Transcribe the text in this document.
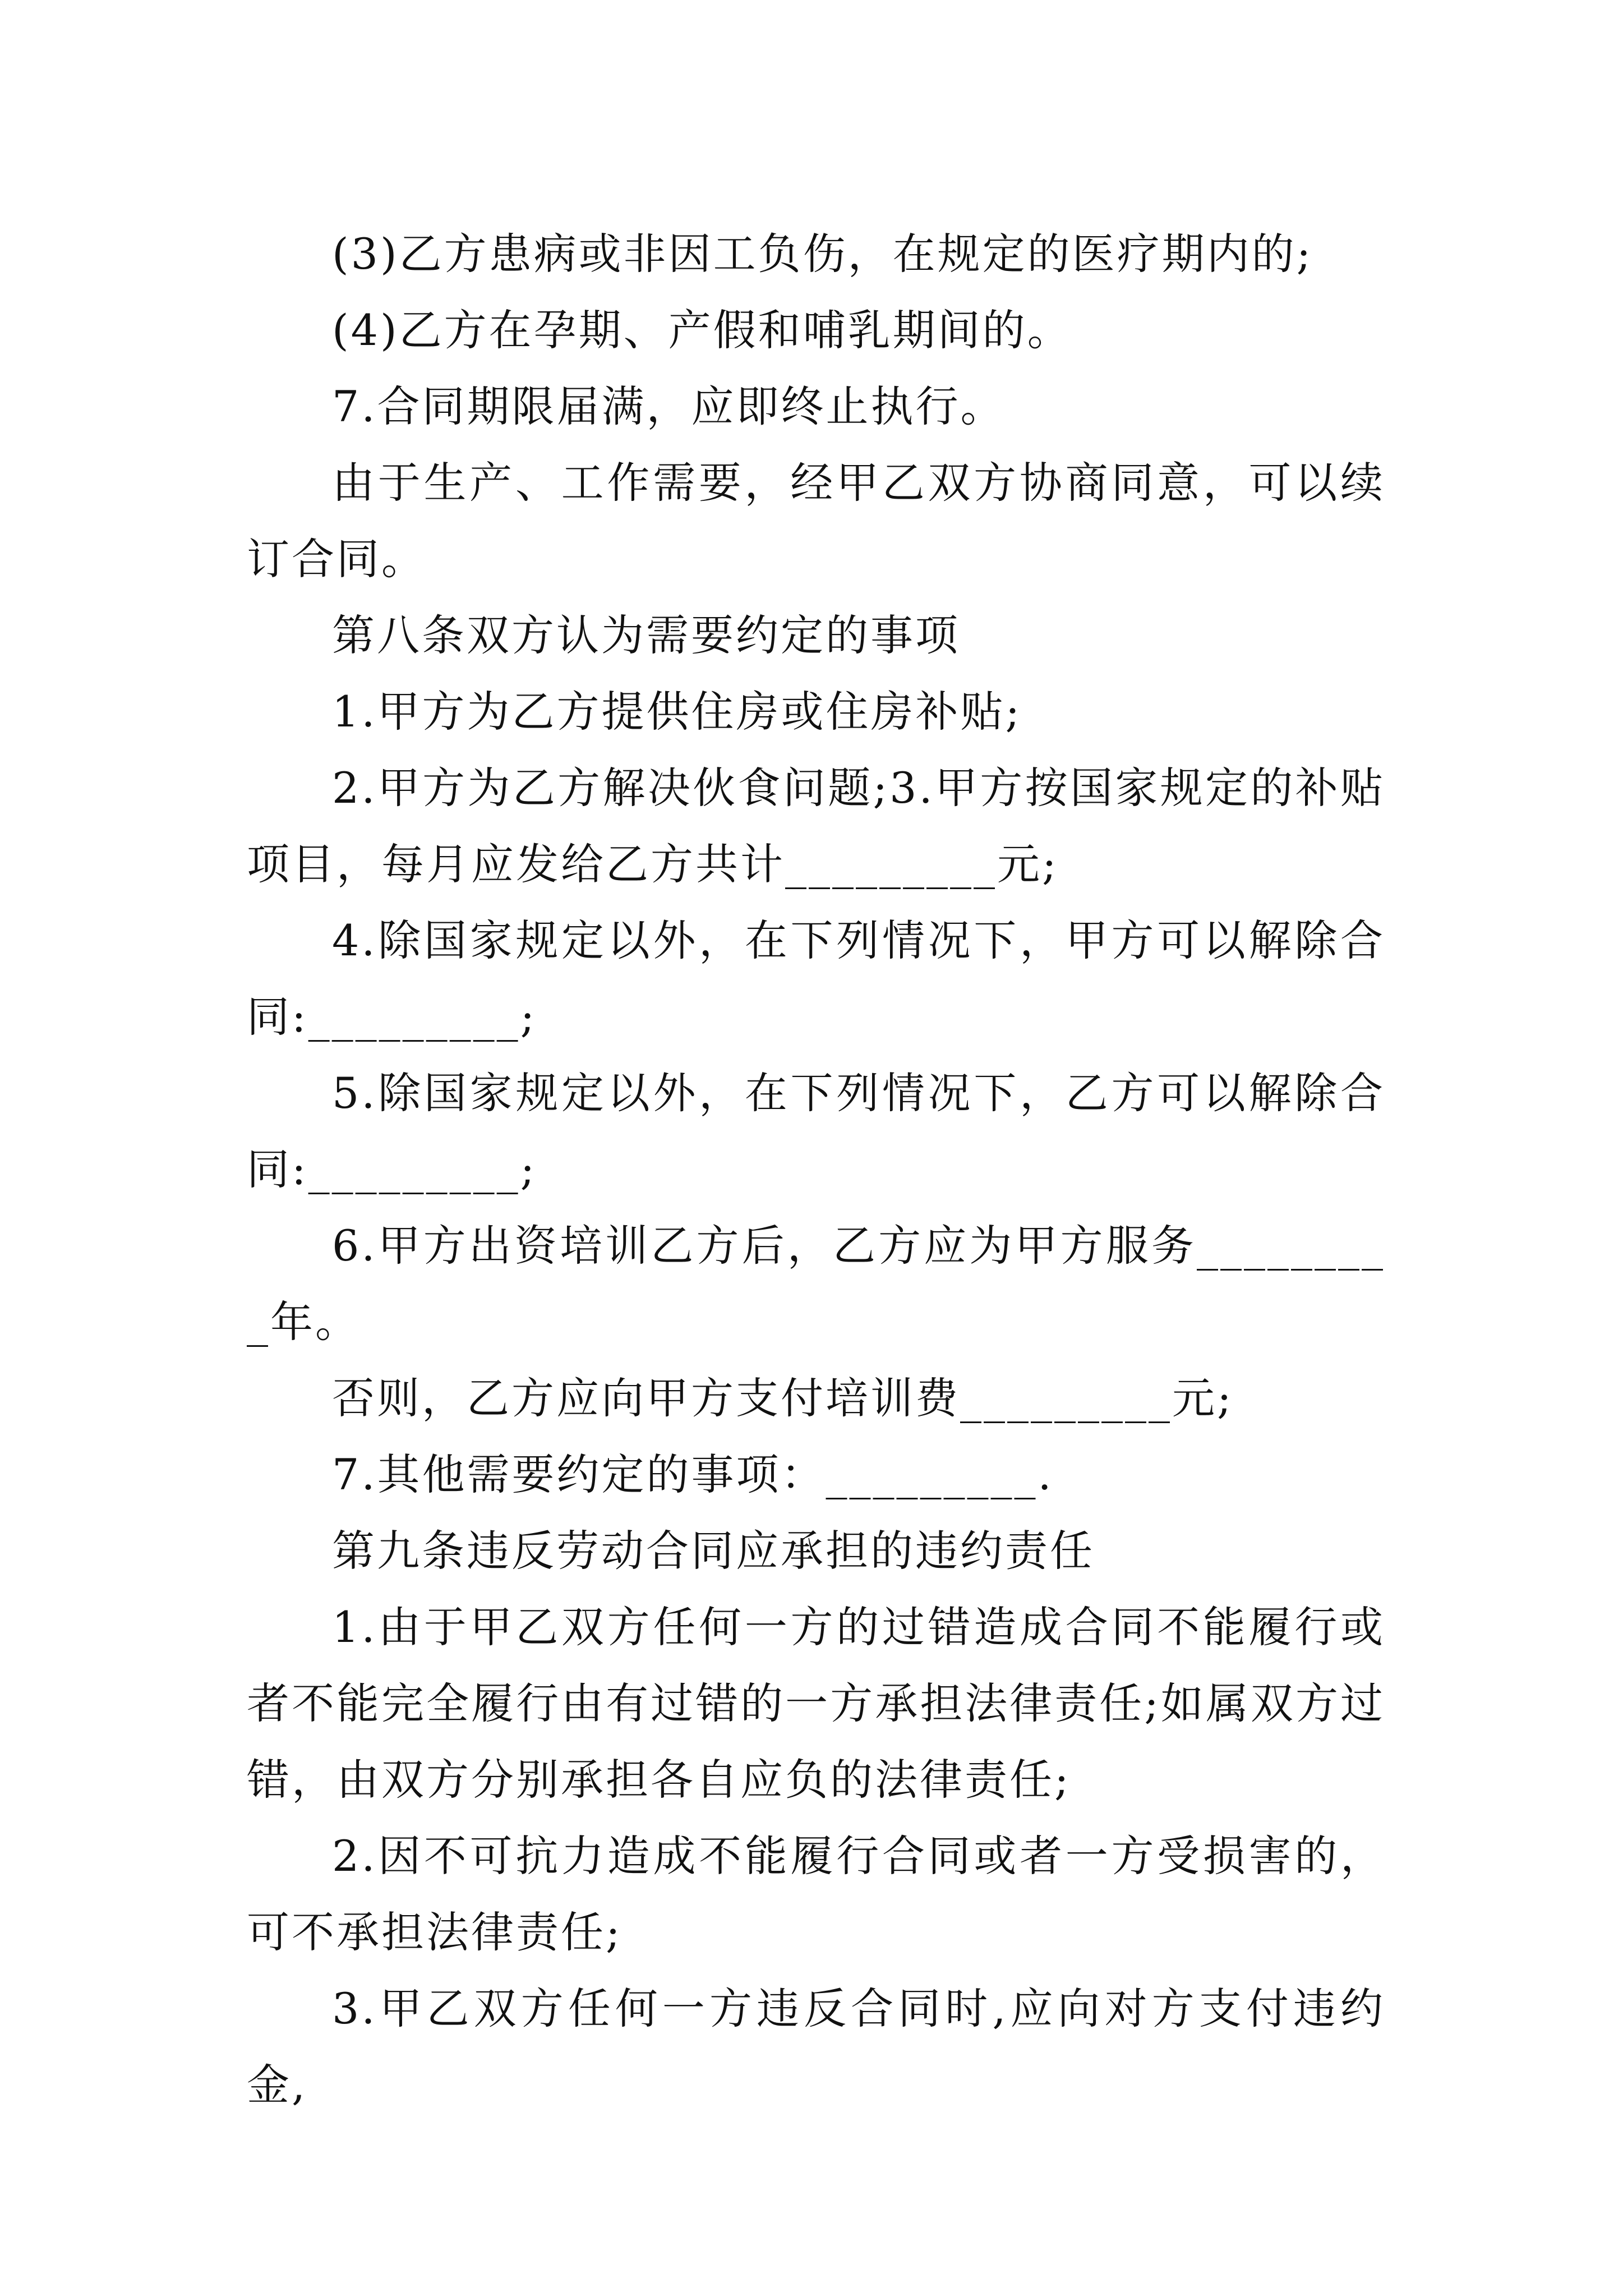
(3)乙方患病或非因工负伤，在规定的医疗期内的;

(4)乙方在孕期、产假和哺乳期间的。

7.合同期限届满，应即终止执行。

由于生产、工作需要，经甲乙双方协商同意，可以续订合同。

第八条双方认为需要约定的事项

1.甲方为乙方提供住房或住房补贴;

2.甲方为乙方解决伙食问题;3.甲方按国家规定的补贴项目，每月应发给乙方共计_________元;

4.除国家规定以外，在下列情况下，甲方可以解除合同:_________;

5.除国家规定以外，在下列情况下，乙方可以解除合同:_________;

6.甲方出资培训乙方后，乙方应为甲方服务_________年。

否则，乙方应向甲方支付培训费_________元;

7.其他需要约定的事项：_________.

第九条违反劳动合同应承担的违约责任

1.由于甲乙双方任何一方的过错造成合同不能履行或者不能完全履行由有过错的一方承担法律责任;如属双方过错，由双方分别承担各自应负的法律责任;

2.因不可抗力造成不能履行合同或者一方受损害的，可不承担法律责任;

3.甲乙双方任何一方违反合同时,应向对方支付违约金,
